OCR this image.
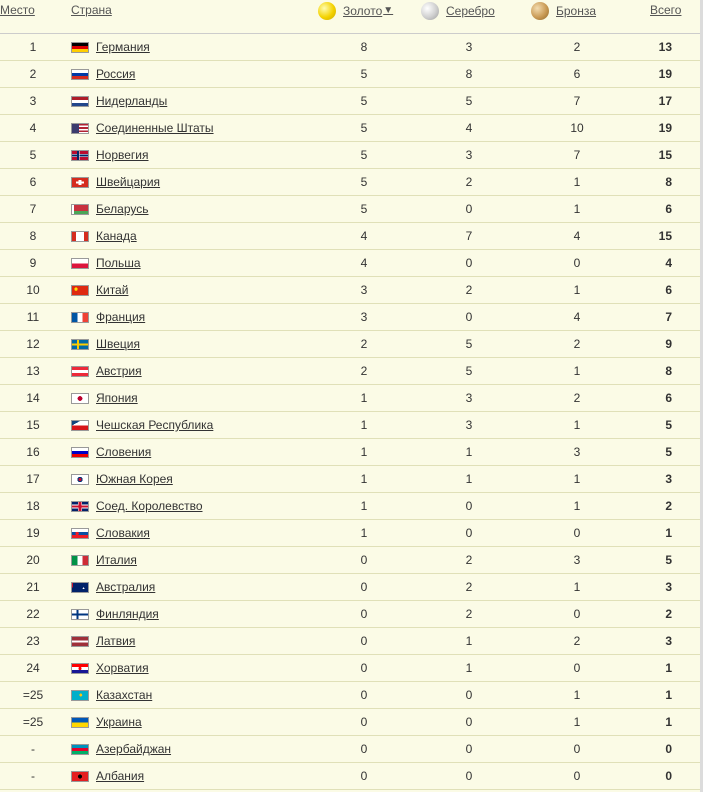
Место	Страна	Золото ▼	Серебро	Бронза	Всего
1	Германия	8	3	2	13
2	Россия	5	8	6	19
3	Нидерланды	5	5	7	17
4	Соединенные Штаты	5	4	10	19
5	Норвегия	5	3	7	15
6	Швейцария	5	2	1	8
7	Беларусь	5	0	1	6
8	Канада	4	7	4	15
9	Польша	4	0	0	4
10	Китай	3	2	1	6
11	Франция	3	0	4	7
12	Швеция	2	5	2	9
13	Австрия	2	5	1	8
14	Япония	1	3	2	6
15	Чешская Республика	1	3	1	5
16	Словения	1	1	3	5
17	Южная Корея	1	1	1	3
18	Соед. Королевство	1	0	1	2
19	Словакия	1	0	0	1
20	Италия	0	2	3	5
21	Австралия	0	2	1	3
22	Финляндия	0	2	0	2
23	Латвия	0	1	2	3
24	Хорватия	0	1	0	1
=25	Казахстан	0	0	1	1
=25	Украина	0	0	1	1
-	Азербайджан	0	0	0	0
-	Албания	0	0	0	0
